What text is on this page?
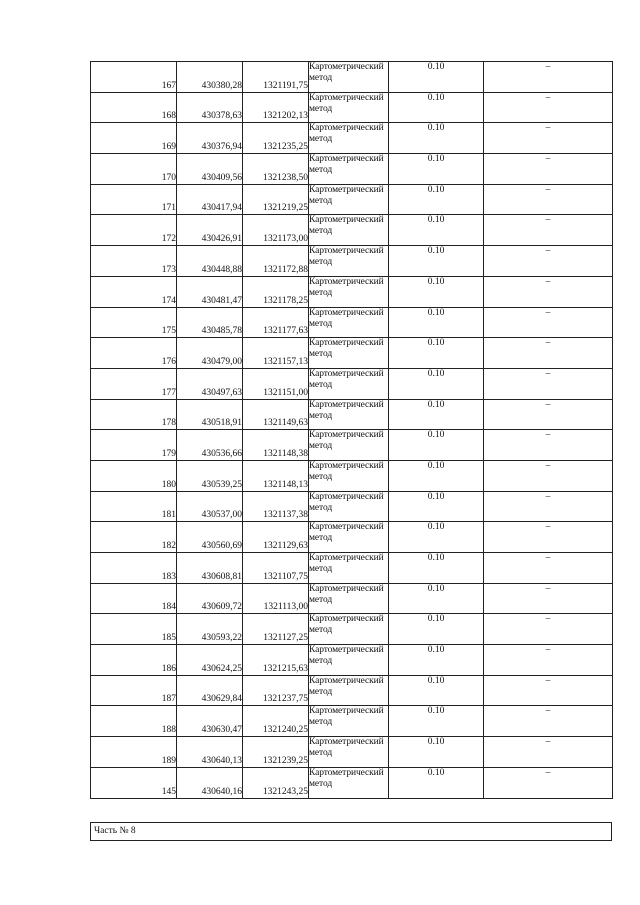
167	430380,28	1321191,75	Картометрический метод	0.10	–
168	430378,63	1321202,13	Картометрический метод	0.10	–
169	430376,94	1321235,25	Картометрический метод	0.10	–
170	430409,56	1321238,50	Картометрический метод	0.10	–
171	430417,94	1321219,25	Картометрический метод	0.10	–
172	430426,91	1321173,00	Картометрический метод	0.10	–
173	430448,88	1321172,88	Картометрический метод	0.10	–
174	430481,47	1321178,25	Картометрический метод	0.10	–
175	430485,78	1321177,63	Картометрический метод	0.10	–
176	430479,00	1321157,13	Картометрический метод	0.10	–
177	430497,63	1321151,00	Картометрический метод	0.10	–
178	430518,91	1321149,63	Картометрический метод	0.10	–
179	430536,66	1321148,38	Картометрический метод	0.10	–
180	430539,25	1321148,13	Картометрический метод	0.10	–
181	430537,00	1321137,38	Картометрический метод	0.10	–
182	430560,69	1321129,63	Картометрический метод	0.10	–
183	430608,81	1321107,75	Картометрический метод	0.10	–
184	430609,72	1321113,00	Картометрический метод	0.10	–
185	430593,22	1321127,25	Картометрический метод	0.10	–
186	430624,25	1321215,63	Картометрический метод	0.10	–
187	430629,84	1321237,75	Картометрический метод	0.10	–
188	430630,47	1321240,25	Картометрический метод	0.10	–
189	430640,13	1321239,25	Картометрический метод	0.10	–
145	430640,16	1321243,25	Картометрический метод	0.10	–
Часть № 8
